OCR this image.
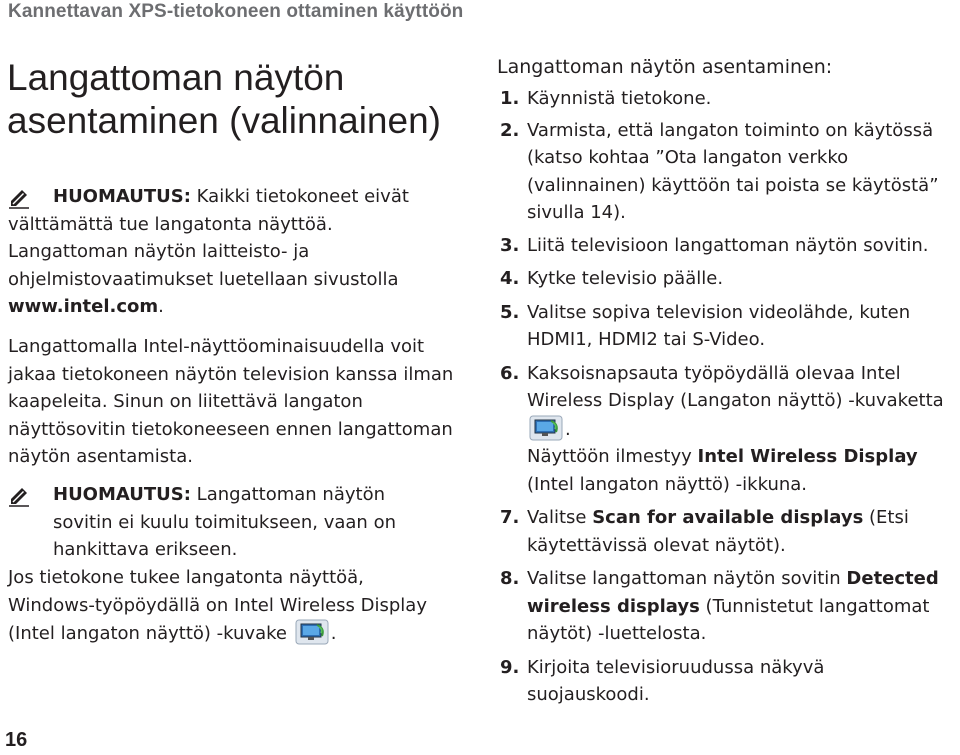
Kannettavan XPS-tietokoneen ottaminen käyttöön
Langattoman näytön asentaminen (valinnainen)
HUOMAUTUS: Kaikki tietokoneet eivät
välttämättä tue langatonta näyttöä. Langattoman näytön laitteisto- ja ohjelmistovaatimukset luetellaan sivustolla www.intel.com.
Langattomalla Intel-näyttöominaisuudella voit jakaa tietokoneen näytön television kanssa ilman kaapeleita. Sinun on liitettävä langaton näyttösovitin tietokoneeseen ennen langattoman näytön asentamista.
HUOMAUTUS: Langattoman näytön
sovitin ei kuulu toimitukseen, vaan on hankittava erikseen.
Jos tietokone tukee langatonta näyttöä, Windows-työpöydällä on Intel Wireless Display (Intel langaton näyttö) -kuvake .
Langattoman näytön asentaminen:
1. Käynnistä tietokone.
2. Varmista, että langaton toiminto on käytössä (katso kohtaa ”Ota langaton verkko (valinnainen) käyttöön tai poista se käytöstä” sivulla 14).
3. Liitä televisioon langattoman näytön sovitin.
4. Kytke televisio päälle.
5. Valitse sopiva television videolähde, kuten HDMI1, HDMI2 tai S-Video.
6. Kaksoisnapsauta työpöydällä olevaa Intel Wireless Display (Langaton näyttö) -kuvaketta .
Näyttöön ilmestyy Intel Wireless Display (Intel langaton näyttö) -ikkuna.
7. Valitse Scan for available displays (Etsi käytettävissä olevat näytöt).
8. Valitse langattoman näytön sovitin Detected wireless displays (Tunnistetut langattomat näytöt) -luettelosta.
9. Kirjoita televisioruudussa näkyvä suojauskoodi.
16
